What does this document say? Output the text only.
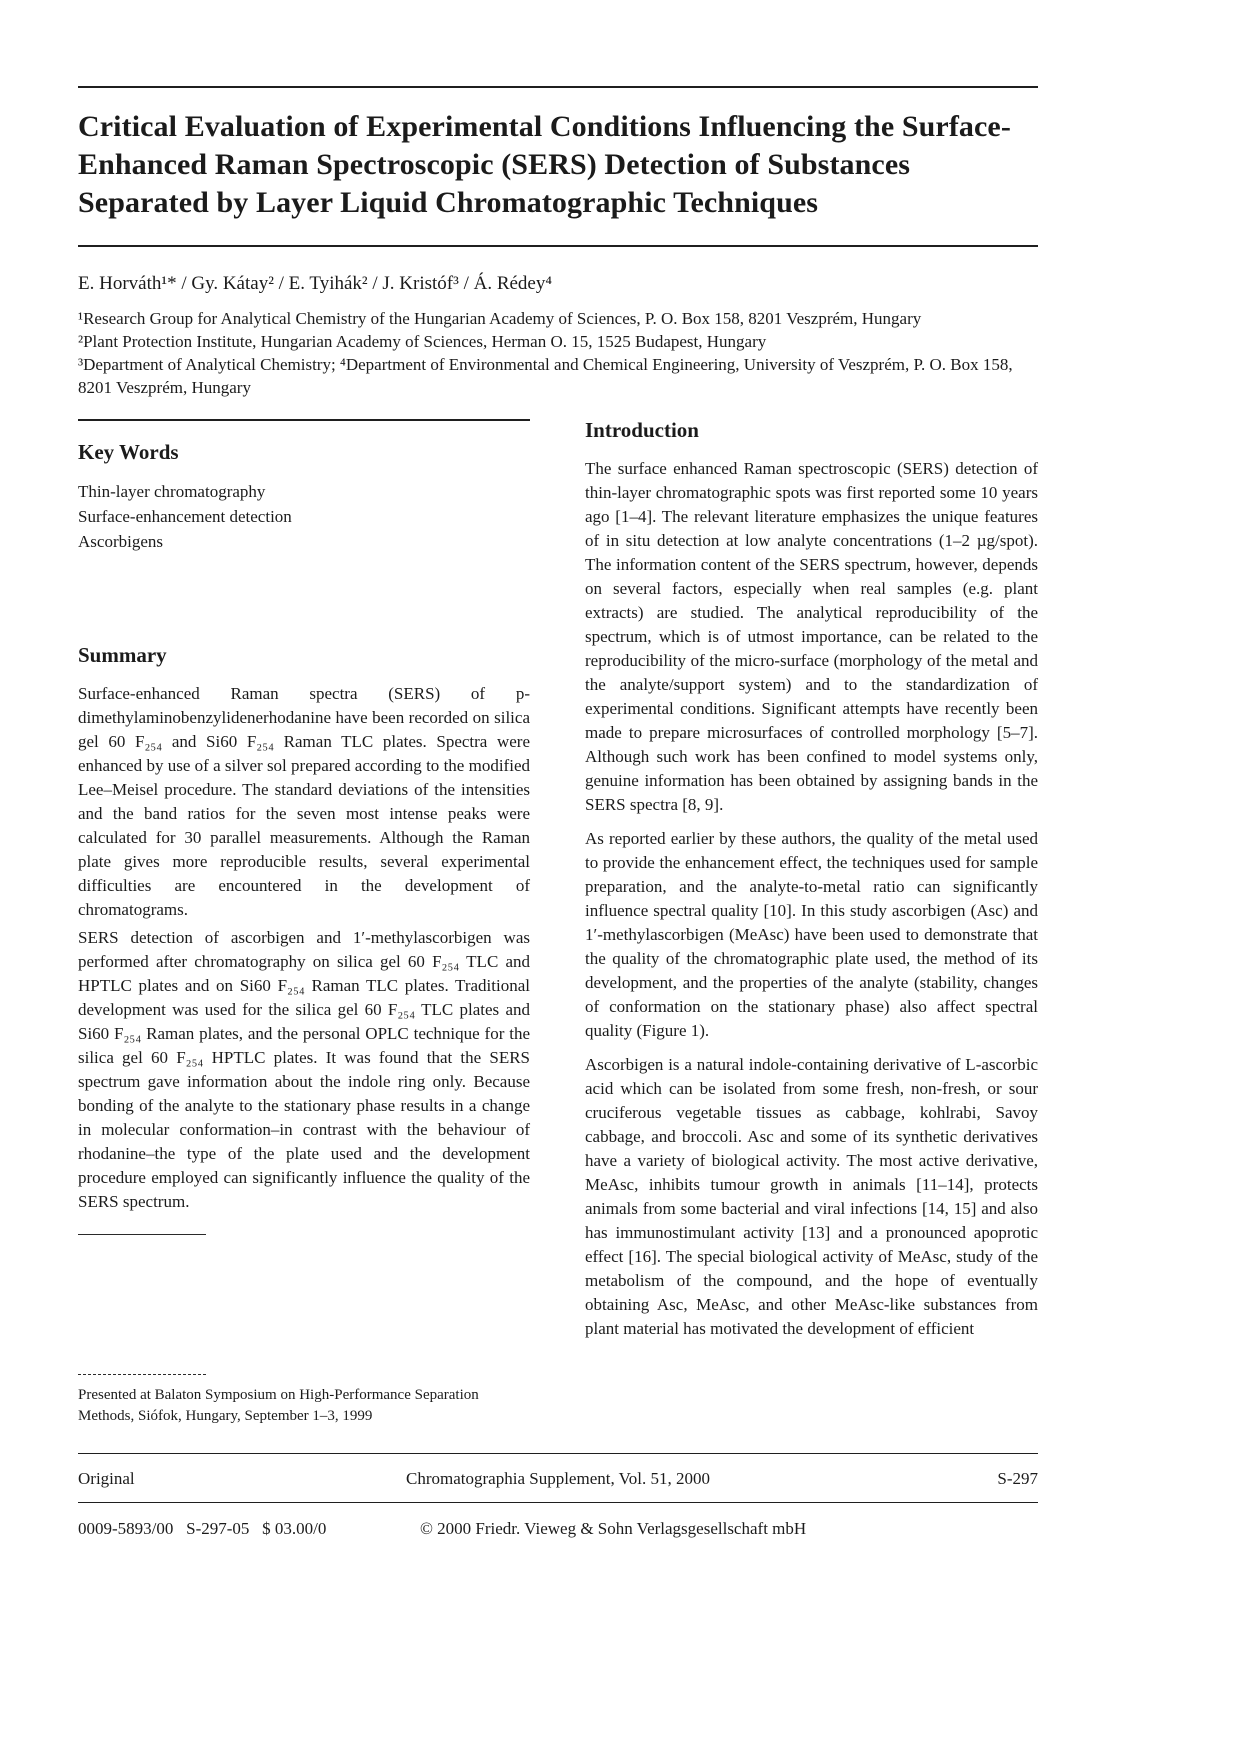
Critical Evaluation of Experimental Conditions Influencing the Surface-Enhanced Raman Spectroscopic (SERS) Detection of Substances Separated by Layer Liquid Chromatographic Techniques
E. Horváth¹* / Gy. Kátay² / E. Tyihák² / J. Kristóf³ / Á. Rédey⁴
¹Research Group for Analytical Chemistry of the Hungarian Academy of Sciences, P. O. Box 158, 8201 Veszprém, Hungary
²Plant Protection Institute, Hungarian Academy of Sciences, Herman O. 15, 1525 Budapest, Hungary
³Department of Analytical Chemistry; ⁴Department of Environmental and Chemical Engineering, University of Veszprém, P. O. Box 158, 8201 Veszprém, Hungary
Key Words
Thin-layer chromatography
Surface-enhancement detection
Ascorbigens
Summary

Surface-enhanced Raman spectra (SERS) of p-dimethylaminobenzylidenerhodanine have been recorded on silica gel 60 F₂₅₄ and Si60 F₂₅₄ Raman TLC plates. Spectra were enhanced by use of a silver sol prepared according to the modified Lee–Meisel procedure. The standard deviations of the intensities and the band ratios for the seven most intense peaks were calculated for 30 parallel measurements. Although the Raman plate gives more reproducible results, several experimental difficulties are encountered in the development of chromatograms.

SERS detection of ascorbigen and 1′-methylascorbigen was performed after chromatography on silica gel 60 F₂₅₄ TLC and HPTLC plates and on Si60 F₂₅₄ Raman TLC plates. Traditional development was used for the silica gel 60 F₂₅₄ TLC plates and Si60 F₂₅₄ Raman plates, and the personal OPLC technique for the silica gel 60 F₂₅₄ HPTLC plates. It was found that the SERS spectrum gave information about the indole ring only. Because bonding of the analyte to the stationary phase results in a change in molecular conformation–in contrast with the behaviour of rhodanine–the type of the plate used and the development procedure employed can significantly influence the quality of the SERS spectrum.

Presented at Balaton Symposium on High-Performance Separation Methods, Siófok, Hungary, September 1–3, 1999

Introduction

The surface enhanced Raman spectroscopic (SERS) detection of thin-layer chromatographic spots was first reported some 10 years ago [1–4]. The relevant literature emphasizes the unique features of in situ detection at low analyte concentrations (1–2 µg/spot). The information content of the SERS spectrum, however, depends on several factors, especially when real samples (e.g. plant extracts) are studied. The analytical reproducibility of the spectrum, which is of utmost importance, can be related to the reproducibility of the micro-surface (morphology of the metal and the analyte/support system) and to the standardization of experimental conditions. Significant attempts have recently been made to prepare microsurfaces of controlled morphology [5–7]. Although such work has been confined to model systems only, genuine information has been obtained by assigning bands in the SERS spectra [8, 9].

As reported earlier by these authors, the quality of the metal used to provide the enhancement effect, the techniques used for sample preparation, and the analyte-to-metal ratio can significantly influence spectral quality [10]. In this study ascorbigen (Asc) and 1′-methylascorbigen (MeAsc) have been used to demonstrate that the quality of the chromatographic plate used, the method of its development, and the properties of the analyte (stability, changes of conformation on the stationary phase) also affect spectral quality (Figure 1).

Ascorbigen is a natural indole-containing derivative of L-ascorbic acid which can be isolated from some fresh, non-fresh, or sour cruciferous vegetable tissues as cabbage, kohlrabi, Savoy cabbage, and broccoli. Asc and some of its synthetic derivatives have a variety of biological activity. The most active derivative, MeAsc, inhibits tumour growth in animals [11–14], protects animals from some bacterial and viral infections [14, 15] and also has immunostimulant activity [13] and a pronounced apoprotic effect [16]. The special biological activity of MeAsc, study of the metabolism of the compound, and the hope of eventually obtaining Asc, MeAsc, and other MeAsc-like substances from plant material has motivated the development of efficient

Original	Chromatographia Supplement, Vol. 51, 2000	S-297
0009-5893/00   S-297-05   $ 03.00/0	© 2000 Friedr. Vieweg & Sohn Verlagsgesellschaft mbH
